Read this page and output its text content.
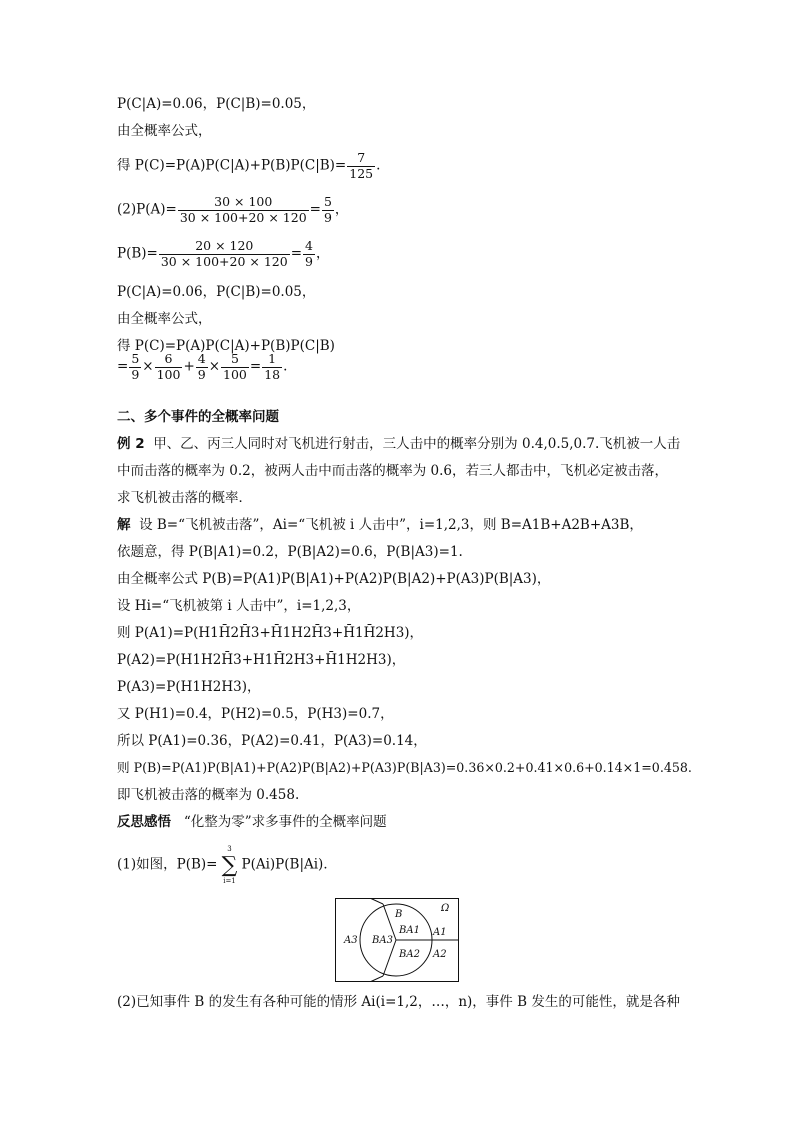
P(C|A)=0.06，P(C|B)=0.05，
由全概率公式，
得 $P(C)=P(A)P(C|A)+P(B)P(C|B)= \frac{7}{125}$ .
$(2)P(A)= \frac{30 \times 100}{30 \times 100+20 \times 120} = \frac{5}{9}$ ，
$P(B)= \frac{20 \times 120}{30 \times 100+20 \times 120} = \frac{4}{9}$ ，
P(C|A)=0.06，P(C|B)=0.05，
由全概率公式，
得 P(C)=P(A)P(C|A)+P(B)P(C|B)
= $\frac{5}{9} \times \frac{6}{100} + \frac{4}{9} \times \frac{5}{100} = \frac{1}{18}$ .
二、多个事件的全概率问题
例 2 甲、乙、丙三人同时对飞机进行射击，三人击中的概率分别为 0.4,0.5,0.7.飞机被一人击
中而击落的概率为 0.2，被两人击中而击落的概率为 0.6，若三人都击中，飞机必定被击落，
求飞机被击落的概率．
解 设 B=“飞机被击落”，Ai=“飞机被 i 人击中”，i=1,2,3，则 B=A1B+A2B+A3B，
依题意，得 P(B|A1)=0.2，P(B|A2)=0.6，P(B|A3)=1.
由全概率公式 P(B)=P(A1)P(B|A1)+P(A2)P(B|A2)+P(A3)P(B|A3)，
设 Hi=“飞机被第 i 人击中”，i=1,2,3，
则 P(A1)=P(H1H̄2H̄3+H̄1H2H̄3+H̄1H̄2H3)，
P(A2)=P(H1H2H̄3+H1H̄2H3+H̄1H2H3)，
P(A3)=P(H1H2H3)，
又 P(H1)=0.4，P(H2)=0.5，P(H3)=0.7，
所以 P(A1)=0.36，P(A2)=0.41，P(A3)=0.14，
则 P(B)=P(A1)P(B|A1)+P(A2)P(B|A2)+P(A3)P(B|A3)=0.36×0.2+0.41×0.6+0.14×1=0.458.
即飞机被击落的概率为 0.458.
反思感悟 “化整为零”求多事件的全概率问题
(1)如图，P(B)=
3
∑
i=1
P(Ai)P(B|Ai)．
Ω
A3
A1
A2
B
BA1
BA2
BA3
(2)已知事件 B 的发生有各种可能的情形 Ai(i=1,2，…，n)，事件 B 发生的可能性，就是各种
